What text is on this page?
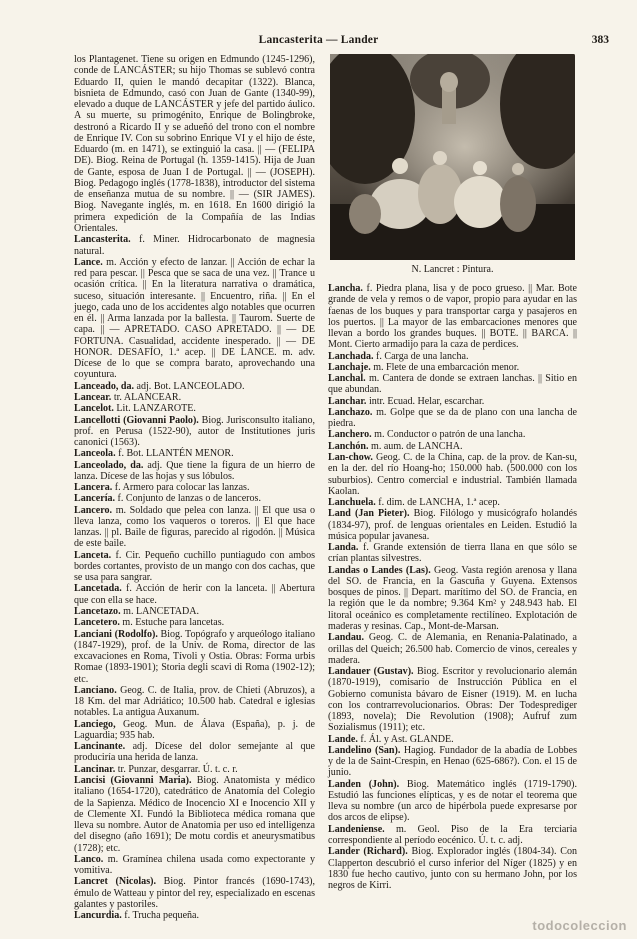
Lancasterita — Lander	383

los Plantagenet. Tiene su origen en Edmundo (1245-1296), conde de LANCÁSTER; su hijo Thomas se sublevó contra Eduardo II, quien le mandó decapitar (1322). Blanca, bisnieta de Edmundo, casó con Juan de Gante (1340-99), elevado a duque de LANCÁSTER y jefe del partido áulico. A su muerte, su primogénito, Enrique de Bolingbroke, destronó a Ricardo II y se adueñó del trono con el nombre de Enrique IV. Con su sobrino Enrique VI y el hijo de éste, Eduardo (m. en 1471), se extinguió la casa. || — (FELIPA DE). Biog. Reina de Portugal (h. 1359-1415). Hija de Juan de Gante, esposa de Juan I de Portugal. || — (JOSEPH). Biog. Pedagogo inglés (1778-1838), introductor del sistema de enseñanza mutua de su nombre. || — (SIR JAMES). Biog. Navegante inglés, m. en 1618. En 1600 dirigió la primera expedición de la Compañía de las Indias Orientales.

Lancasterita. f. Miner. Hidrocarbonato de magnesia natural.

Lance. m. Acción y efecto de lanzar. || Acción de echar la red para pescar. || Pesca que se saca de una vez. || Trance u ocasión crítica. || En la literatura narrativa o dramática, suceso, situación interesante. || Encuentro, riña. || En el juego, cada uno de los accidentes algo notables que ocurren en él. || Arma lanzada por la ballesta. || Taurom. Suerte de capa. || — APRETADO. CASO APRETADO. || — DE FORTUNA. Casualidad, accidente inesperado. || — DE HONOR. DESAFÍO, 1.ª acep. || DE LANCE. m. adv. Dícese de lo que se compra barato, aprovechando una coyuntura.

Lanceado, da. adj. Bot. LANCEOLADO.

Lancear. tr. ALANCEAR.

Lancelot. Lit. LANZAROTE.

Lancellotti (Giovanni Paolo). Biog. Jurisconsulto italiano, prof. en Perusa (1522-90), autor de Institutiones juris canonici (1563).

Lanceola. f. Bot. LLANTÉN MENOR.

Lanceolado, da. adj. Que tiene la figura de un hierro de lanza. Dícese de las hojas y sus lóbulos.

Lancera. f. Armero para colocar las lanzas.

Lancería. f. Conjunto de lanzas o de lanceros.

Lancero. m. Soldado que pelea con lanza. || El que usa o lleva lanza, como los vaqueros o toreros. || El que hace lanzas. || pl. Baile de figuras, parecido al rigodón. || Música de este baile.

Lanceta. f. Cir. Pequeño cuchillo puntiagudo con ambos bordes cortantes, provisto de un mango con dos cachas, que se usa para sangrar.

Lancetada. f. Acción de herir con la lanceta. || Abertura que con ella se hace.

Lancetazo. m. LANCETADA.

Lancetero. m. Estuche para lancetas.

Lanciani (Rodolfo). Biog. Topógrafo y arqueólogo italiano (1847-1929), prof. de la Univ. de Roma, director de las excavaciones en Roma, Tívoli y Ostia. Obras: Forma urbis Romae (1893-1901); Storia degli scavi di Roma (1902-12); etc.

Lanciano. Geog. C. de Italia, prov. de Chieti (Abruzos), a 18 Km. del mar Adriático; 10.500 hab. Catedral e iglesias notables. La antigua Auxanum.

Lanciego, Geog. Mun. de Álava (España), p. j. de Laguardia; 935 hab.

Lancinante. adj. Dícese del dolor semejante al que produciría una herida de lanza.

Lancinar. tr. Punzar, desgarrar. Ú. t. c. r.

Lancisi (Giovanni Maria). Biog. Anatomista y médico italiano (1654-1720), catedrático de Anatomía del Colegio de la Sapienza. Médico de Inocencio XI e Inocencio XII y de Clemente XI. Fundó la Biblioteca médica romana que lleva su nombre. Autor de Anatomia per uso ed intelligenza del disegno (año 1691); De motu cordis et aneurysmatibus (1728); etc.

Lanco. m. Gramínea chilena usada como expectorante y vomitiva.

Lancret (Nicolas). Biog. Pintor francés (1690-1743), émulo de Watteau y pintor del rey, especializado en escenas galantes y pastoriles.

Lancurdia. f. Trucha pequeña.

N. Lancret : Pintura.

Lancha. f. Piedra plana, lisa y de poco grueso. || Mar. Bote grande de vela y remos o de vapor, propio para ayudar en las faenas de los buques y para transportar carga y pasajeros en los puertos. || La mayor de las embarcaciones menores que llevan a bordo los grandes buques. || BOTE. || BARCA. || Mont. Cierto armadijo para la caza de perdices.

Lanchada. f. Carga de una lancha.

Lanchaje. m. Flete de una embarcación menor.

Lanchal. m. Cantera de donde se extraen lanchas. || Sitio en que abundan.

Lanchar. intr. Ecuad. Helar, escarchar.

Lanchazo. m. Golpe que se da de plano con una lancha de piedra.

Lanchero. m. Conductor o patrón de una lancha.

Lanchón. m. aum. de LANCHA.

Lan-chow. Geog. C. de la China, cap. de la prov. de Kan-su, en la der. del río Hoang-ho; 150.000 hab. (500.000 con los suburbios). Centro comercial e industrial. También llamada Kaolan.

Lanchuela. f. dim. de LANCHA, 1.ª acep.

Land (Jan Pieter). Biog. Filólogo y musicógrafo holandés (1834-97), prof. de lenguas orientales en Leiden. Estudió la música popular javanesa.

Landa. f. Grande extensión de tierra llana en que sólo se crían plantas silvestres.

Landas o Landes (Las). Geog. Vasta región arenosa y llana del SO. de Francia, en la Gascuña y Guyena. Extensos bosques de pinos. || Depart. marítimo del SO. de Francia, en la región que le da nombre; 9.364 Km² y 248.943 hab. El litoral oceánico es completamente rectilíneo. Explotación de maderas y resinas. Cap., Mont-de-Marsan.

Landau. Geog. C. de Alemania, en Renania-Palatinado, a orillas del Queich; 26.500 hab. Comercio de vinos, cereales y madera.

Landauer (Gustav). Biog. Escritor y revolucionario alemán (1870-1919), comisario de Instrucción Pública en el Gobierno comunista bávaro de Eisner (1919). M. en lucha con los contrarrevolucionarios. Obras: Der Todesprediger (1893, novela); Die Revolution (1908); Aufruf zum Sozialismus (1911); etc.

Lande. f. Ál. y Ast. GLANDE.

Landelino (San). Hagiog. Fundador de la abadía de Lobbes y de la de Saint-Crespin, en Henao (625-686?). Con. el 15 de junio.

Landen (John). Biog. Matemático inglés (1719-1790). Estudió las funciones elípticas, y es de notar el teorema que lleva su nombre (un arco de hipérbola puede expresarse por dos arcos de elipse).

Landeniense. m. Geol. Piso de la Era terciaria correspondiente al período eocénico. Ú. t. c. adj.

Lander (Richard). Biog. Explorador inglés (1804-34). Con Clapperton descubrió el curso inferior del Níger (1825) y en 1830 fue hecho cautivo, junto con su hermano John, por los negros de Kirri.

todocoleccion
